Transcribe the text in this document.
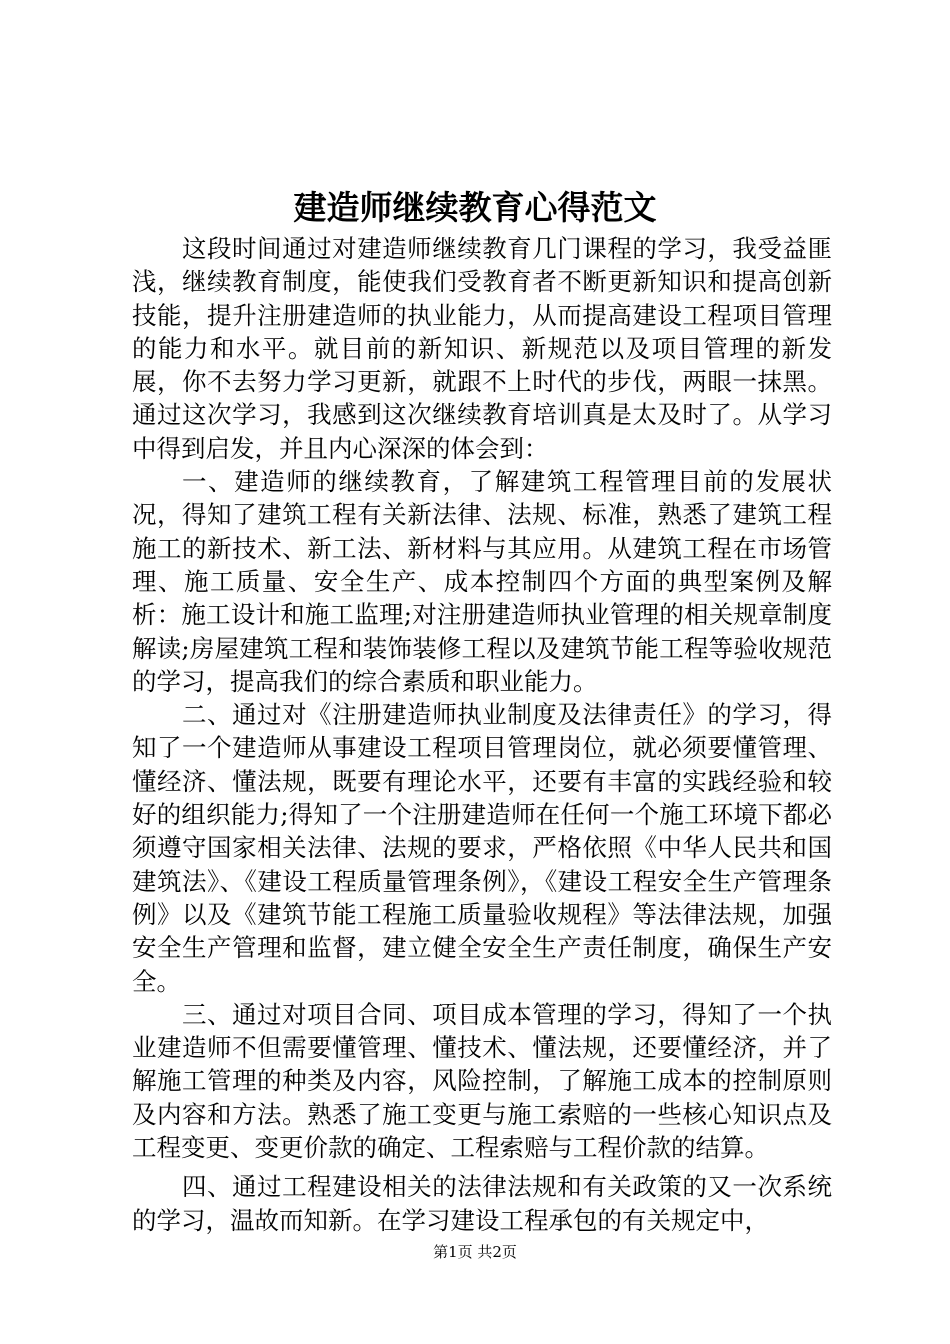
建造师继续教育心得范文

这段时间通过对建造师继续教育几门课程的学习，我受益匪浅，继续教育制度，能使我们受教育者不断更新知识和提高创新技能，提升注册建造师的执业能力，从而提高建设工程项目管理的能力和水平。就目前的新知识、新规范以及项目管理的新发展，你不去努力学习更新，就跟不上时代的步伐，两眼一抹黑。通过这次学习，我感到这次继续教育培训真是太及时了。从学习中得到启发，并且内心深深的体会到：

一、建造师的继续教育，了解建筑工程管理目前的发展状况，得知了建筑工程有关新法律、法规、标准，熟悉了建筑工程施工的新技术、新工法、新材料与其应用。从建筑工程在市场管理、施工质量、安全生产、成本控制四个方面的典型案例及解析：施工设计和施工监理;对注册建造师执业管理的相关规章制度解读;房屋建筑工程和装饰装修工程以及建筑节能工程等验收规范的学习，提高我们的综合素质和职业能力。

二、通过对《注册建造师执业制度及法律责任》的学习，得知了一个建造师从事建设工程项目管理岗位，就必须要懂管理、懂经济、懂法规，既要有理论水平，还要有丰富的实践经验和较好的组织能力;得知了一个注册建造师在任何一个施工环境下都必须遵守国家相关法律、法规的要求，严格依照《中华人民共和国建筑法》、《建设工程质量管理条例》，《建设工程安全生产管理条例》以及《建筑节能工程施工质量验收规程》等法律法规，加强安全生产管理和监督，建立健全安全生产责任制度，确保生产安全。

三、通过对项目合同、项目成本管理的学习，得知了一个执业建造师不但需要懂管理、懂技术、懂法规，还要懂经济，并了解施工管理的种类及内容，风险控制，了解施工成本的控制原则及内容和方法。熟悉了施工变更与施工索赔的一些核心知识点及工程变更、变更价款的确定、工程索赔与工程价款的结算。

四、通过工程建设相关的法律法规和有关政策的又一次系统的学习，温故而知新。在学习建设工程承包的有关规定中，

第1页 共2页
